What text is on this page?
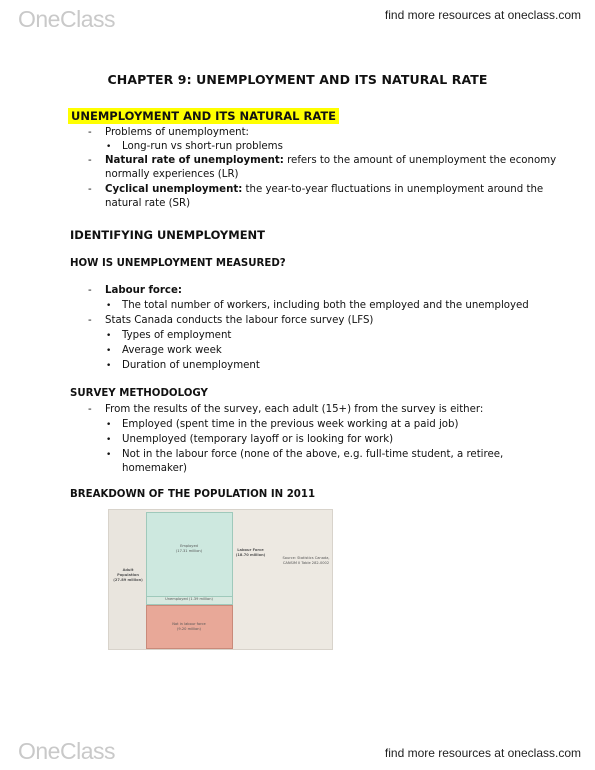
OneClass	find more resources at oneclass.com
CHAPTER 9: UNEMPLOYMENT AND ITS NATURAL RATE
UNEMPLOYMENT AND ITS NATURAL RATE
- Problems of unemployment:
• Long-run vs short-run problems
- Natural rate of unemployment: refers to the amount of unemployment the economy
normally experiences (LR)
- Cyclical unemployment: the year-to-year fluctuations in unemployment around the
natural rate (SR)
IDENTIFYING UNEMPLOYMENT
HOW IS UNEMPLOYMENT MEASURED?
- Labour force:
• The total number of workers, including both the employed and the unemployed
- Stats Canada conducts the labour force survey (LFS)
• Types of employment
• Average work week
• Duration of unemployment
SURVEY METHODOLOGY
- From the results of the survey, each adult (15+) from the survey is either:
• Employed (spent time in the previous week working at a paid job)
• Unemployed (temporary layoff or is looking for work)
• Not in the labour force (none of the above, e.g. full-time student, a retiree,
homemaker)
BREAKDOWN OF THE POPULATION IN 2011
Adult Population
(27.89 million)
Employed
(17.31 million)
Unemployed (1.39 million)
Not in labour force
(9.20 million)
Labour Force
(18.70 million)
Source: Statistics Canada, CANSIM II Table 282-0002
OneClass	find more resources at oneclass.com
